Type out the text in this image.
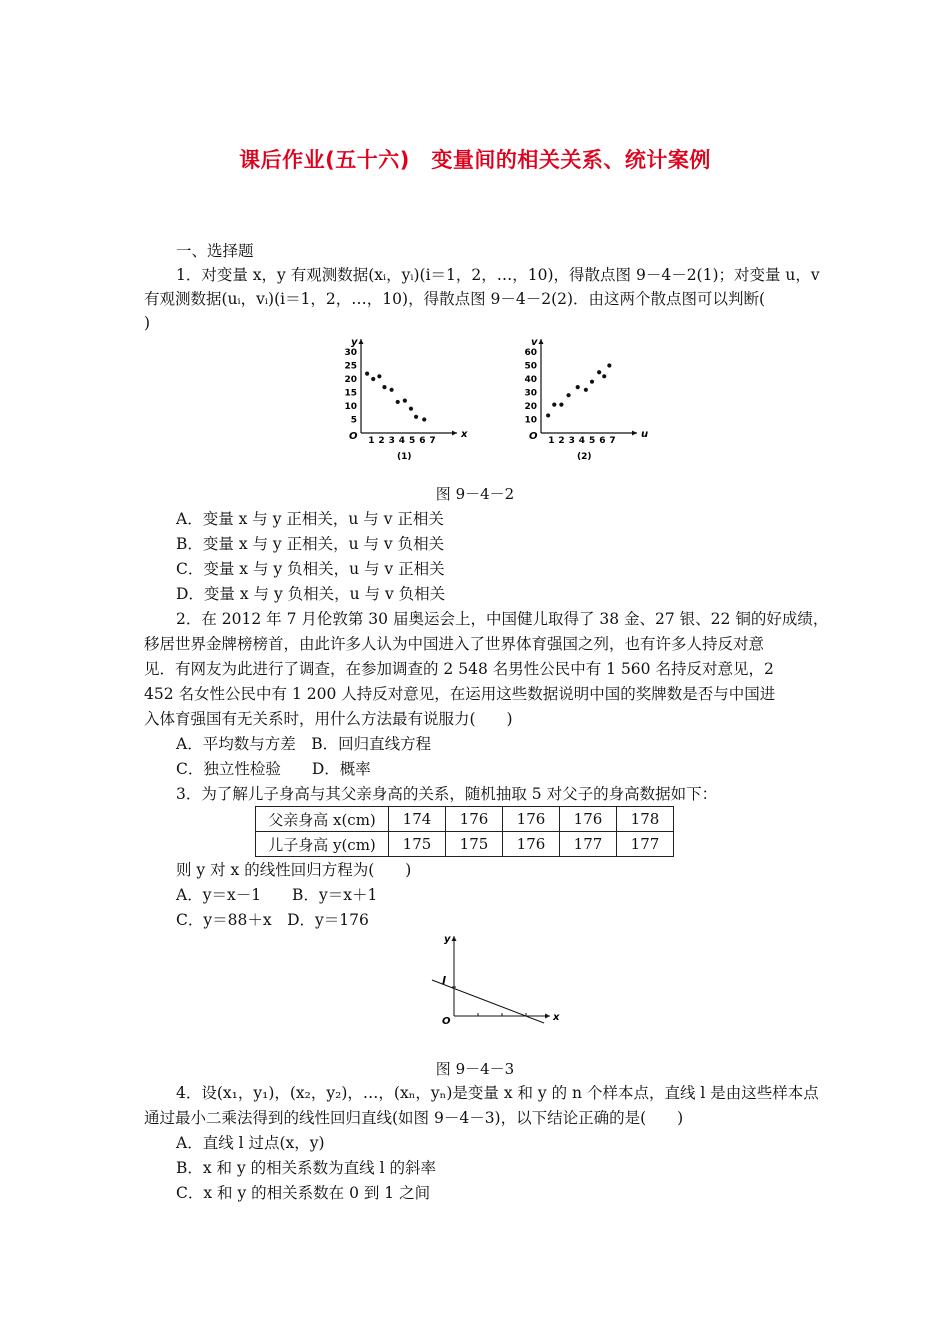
课后作业(五十六)　变量间的相关关系、统计案例
一、选择题
1．对变量 x，y 有观测数据(xᵢ，yᵢ)(i＝1，2，…，10)，得散点图 9－4－2(1)；对变量 u，v
有观测数据(uᵢ，vᵢ)(i＝1，2，…，10)，得散点图 9－4－2(2)．由这两个散点图可以判断(
)
x
y
O 1 2 3 4 5 6 7
5
10
15
20
25
30
(1)
u
v
O 1 2 3 4 5 6 7
10
20
30
40
50
60
(2)
图 9－4－2
A．变量 x 与 y 正相关，u 与 v 正相关
B．变量 x 与 y 正相关，u 与 v 负相关
C．变量 x 与 y 负相关，u 与 v 正相关
D．变量 x 与 y 负相关，u 与 v 负相关
2．在 2012 年 7 月伦敦第 30 届奥运会上，中国健儿取得了 38 金、27 银、22 铜的好成绩，
移居世界金牌榜榜首，由此许多人认为中国进入了世界体育强国之列，也有许多人持反对意
见．有网友为此进行了调查，在参加调查的 2 548 名男性公民中有 1 560 名持反对意见，2
452 名女性公民中有 1 200 人持反对意见，在运用这些数据说明中国的奖牌数是否与中国进
入体育强国有无关系时，用什么方法最有说服力(　　)
A．平均数与方差　B．回归直线方程
C．独立性检验　　D．概率
3．为了解儿子身高与其父亲身高的关系，随机抽取 5 对父子的身高数据如下：
父亲身高 x(cm)	174	176	176	176	178
儿子身高 y(cm)	175	175	176	177	177
则 y 对 x 的线性回归方程为(　　)
A．y＝x－1　　B．y＝x＋1
C．y＝88＋x　D．y＝176
x
y
O
l
图 9－4－3
4．设(x₁，y₁)，(x₂，y₂)，…，(xₙ，yₙ)是变量 x 和 y 的 n 个样本点，直线 l 是由这些样本点
通过最小二乘法得到的线性回归直线(如图 9－4－3)，以下结论正确的是(　　)
A．直线 l 过点(x，y)
B．x 和 y 的相关系数为直线 l 的斜率
C．x 和 y 的相关系数在 0 到 1 之间
